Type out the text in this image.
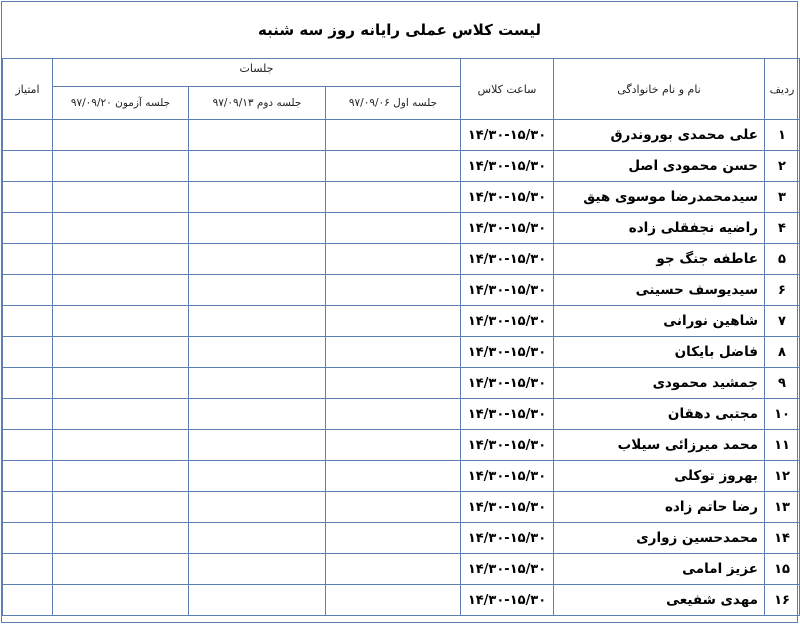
لیست کلاس عملی رایانه روز سه شنبه
ردیف	نام و نام خانوادگی	ساعت کلاس	جلسات			امتیاز
			جلسه اول ۹۷/۰۹/۰۶	جلسه دوم ۹۷/۰۹/۱۳	جلسه آزمون ۹۷/۰۹/۲۰	
۱	علی محمدی بوروندرق	۱۴/۳۰-۱۵/۳۰				
۲	حسن محمودی اصل	۱۴/۳۰-۱۵/۳۰				
۳	سیدمحمدرضا موسوی هیق	۱۴/۳۰-۱۵/۳۰				
۴	راضیه نجفقلی زاده	۱۴/۳۰-۱۵/۳۰				
۵	عاطفه جنگ جو	۱۴/۳۰-۱۵/۳۰				
۶	سیدیوسف حسینی	۱۴/۳۰-۱۵/۳۰				
۷	شاهین نورانی	۱۴/۳۰-۱۵/۳۰				
۸	فاضل بایکان	۱۴/۳۰-۱۵/۳۰				
۹	جمشید محمودی	۱۴/۳۰-۱۵/۳۰				
۱۰	مجتبی دهقان	۱۴/۳۰-۱۵/۳۰				
۱۱	محمد میرزائی سیلاب	۱۴/۳۰-۱۵/۳۰				
۱۲	بهروز توکلی	۱۴/۳۰-۱۵/۳۰				
۱۳	رضا حاتم زاده	۱۴/۳۰-۱۵/۳۰				
۱۴	محمدحسین زواری	۱۴/۳۰-۱۵/۳۰				
۱۵	عزیز امامی	۱۴/۳۰-۱۵/۳۰				
۱۶	مهدی شفیعی	۱۴/۳۰-۱۵/۳۰				
